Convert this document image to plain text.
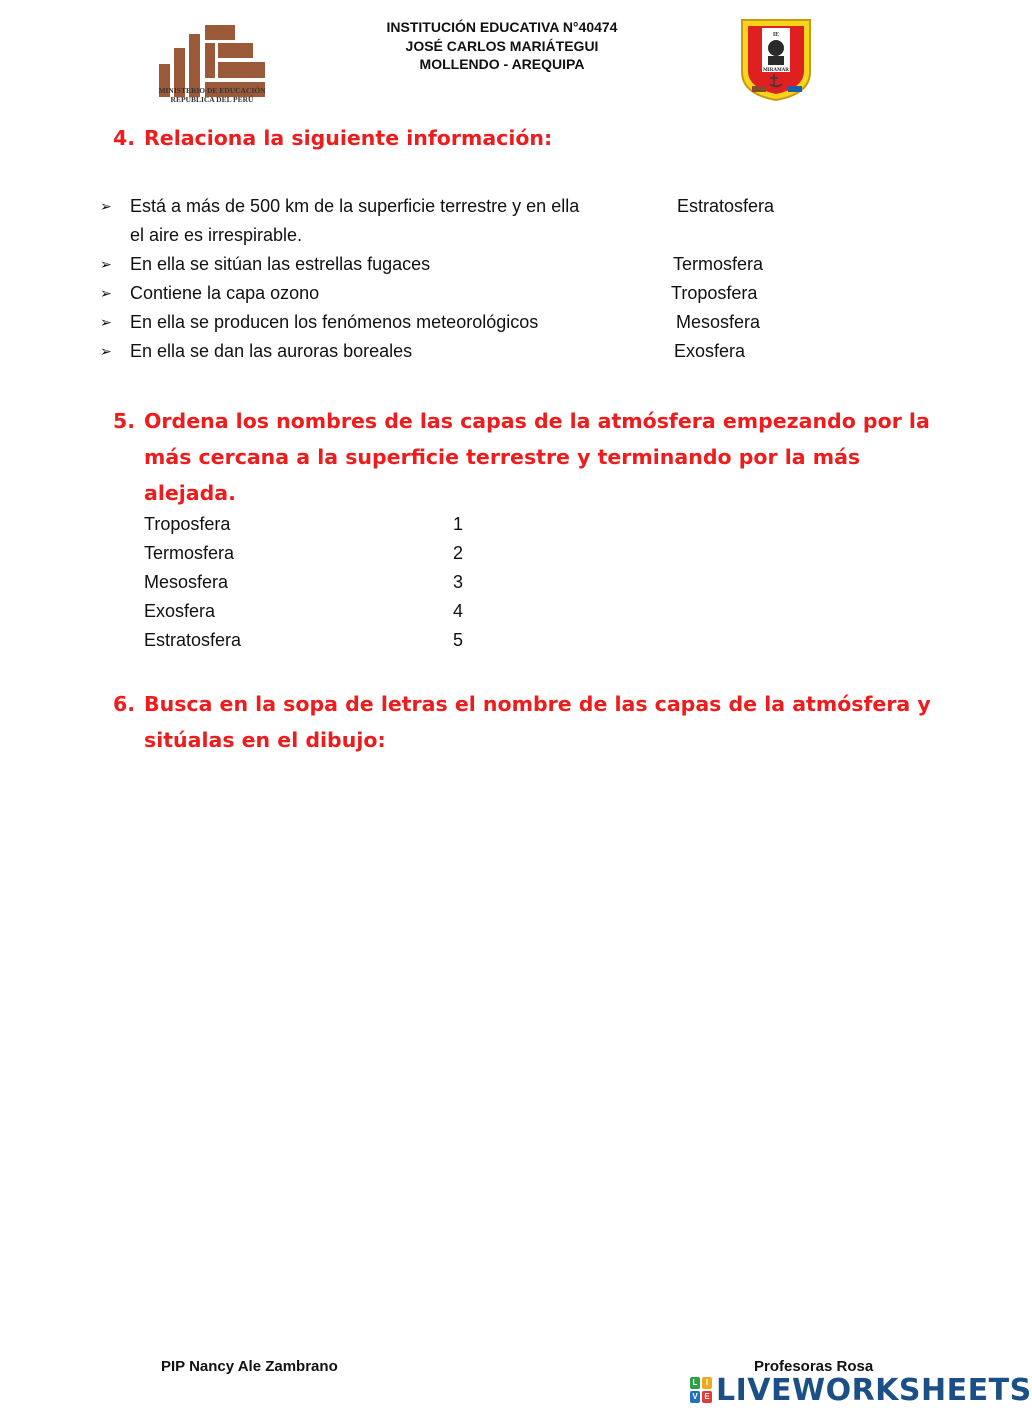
MINISTERIO DE EDUCACIÓN
REPUBLICA DEL PERÚ
INSTITUCIÓN EDUCATIVA N°40474
JOSÉ CARLOS MARIÁTEGUI
MOLLENDO - AREQUIPA
IE
MIRAMAR
4. Relaciona la siguiente información:
➢ Está a más de 500 km de la superficie terrestre y en ella
el aire es irrespirable.
Estratosfera
➢ En ella se sitúan las estrellas fugaces	Termosfera
➢ Contiene la capa ozono	Troposfera
➢ En ella se producen los fenómenos meteorológicos	Mesosfera
➢ En ella se dan las auroras boreales	Exosfera
5. Ordena los nombres de las capas de la atmósfera empezando por la
más cercana a la superficie terrestre y terminando por la más
alejada.
Troposfera	1
Termosfera	2
Mesosfera	3
Exosfera	4
Estratosfera	5
6. Busca en la sopa de letras el nombre de las capas de la atmósfera y
sitúalas en el dibujo:
PIP Nancy Ale Zambrano	Profesoras Rosa
L	I
V E LIVEWORKSHEETS
